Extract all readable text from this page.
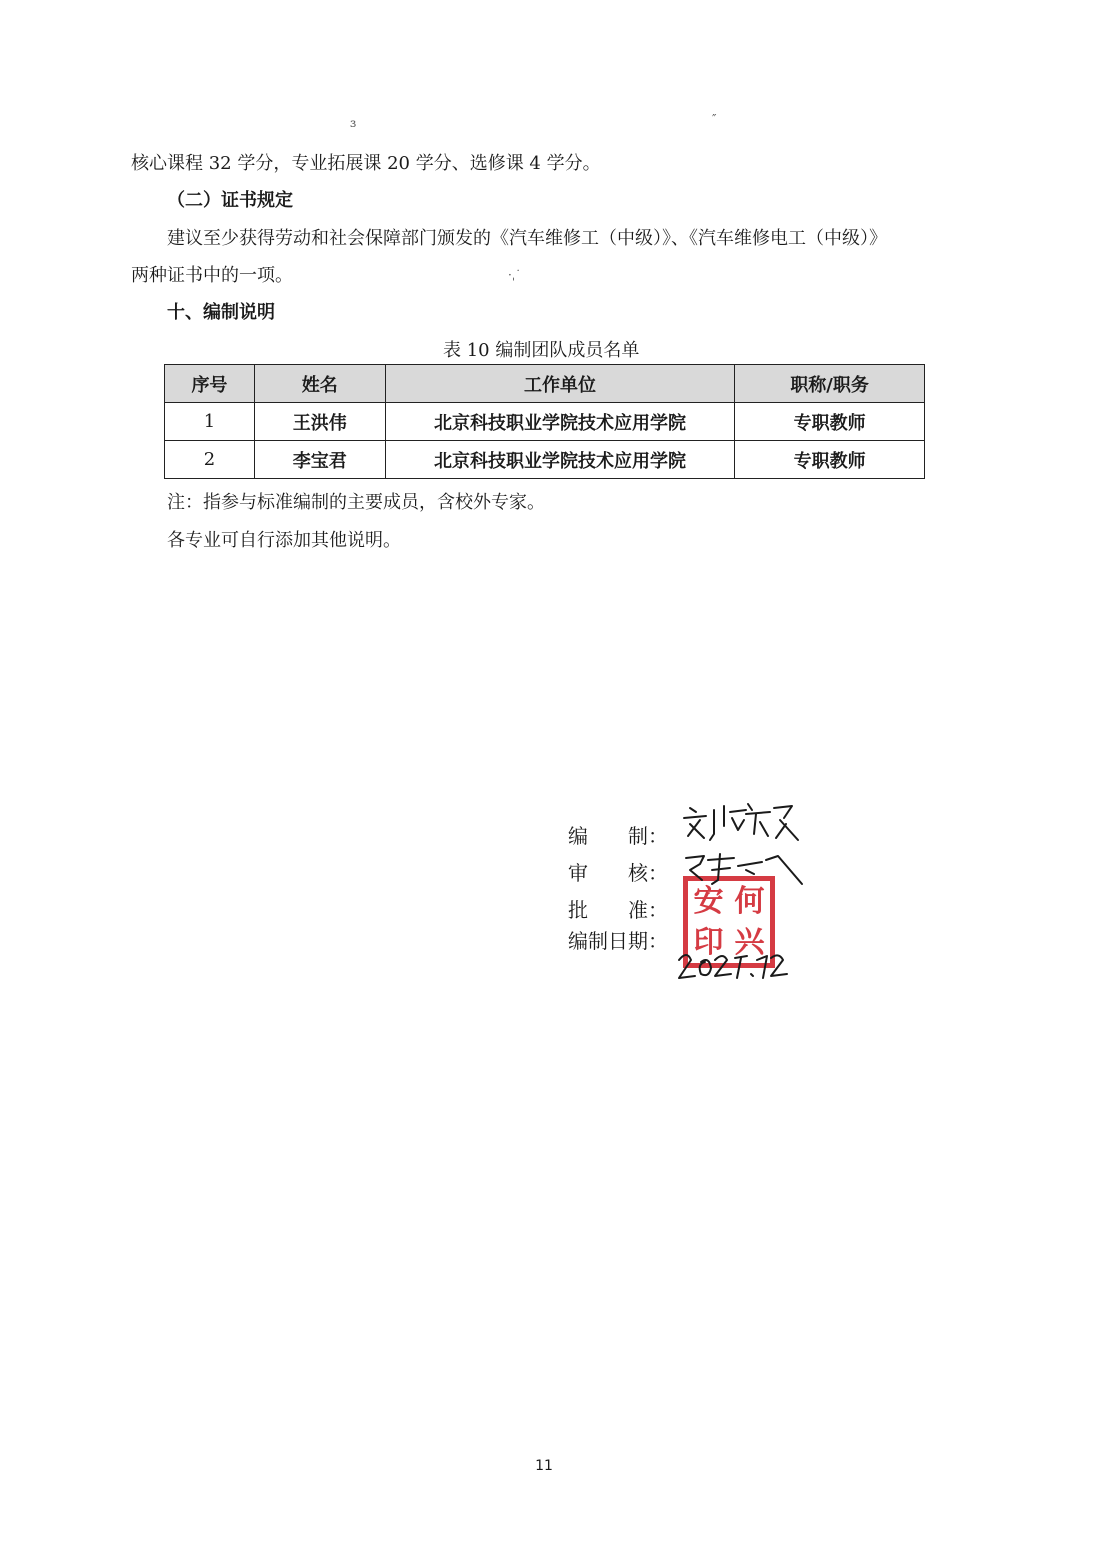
ɜ	″
·ˌ˙
核心课程 32 学分，专业拓展课 20 学分、选修课 4 学分。
（二）证书规定
建议至少获得劳动和社会保障部门颁发的《汽车维修工（中级）》、《汽车维修电工（中级）》
两种证书中的一项。
十、编制说明
表 10 编制团队成员名单
序号	姓名	工作单位	职称/职务
1	王洪伟	北京科技职业学院技术应用学院	专职教师
2	李宝君	北京科技职业学院技术应用学院	专职教师
注：指参与标准编制的主要成员，含校外专家。
各专业可自行添加其他说明。
编　　制：
审　　核：
批　　准：
编制日期：
安 何
印 兴
11
